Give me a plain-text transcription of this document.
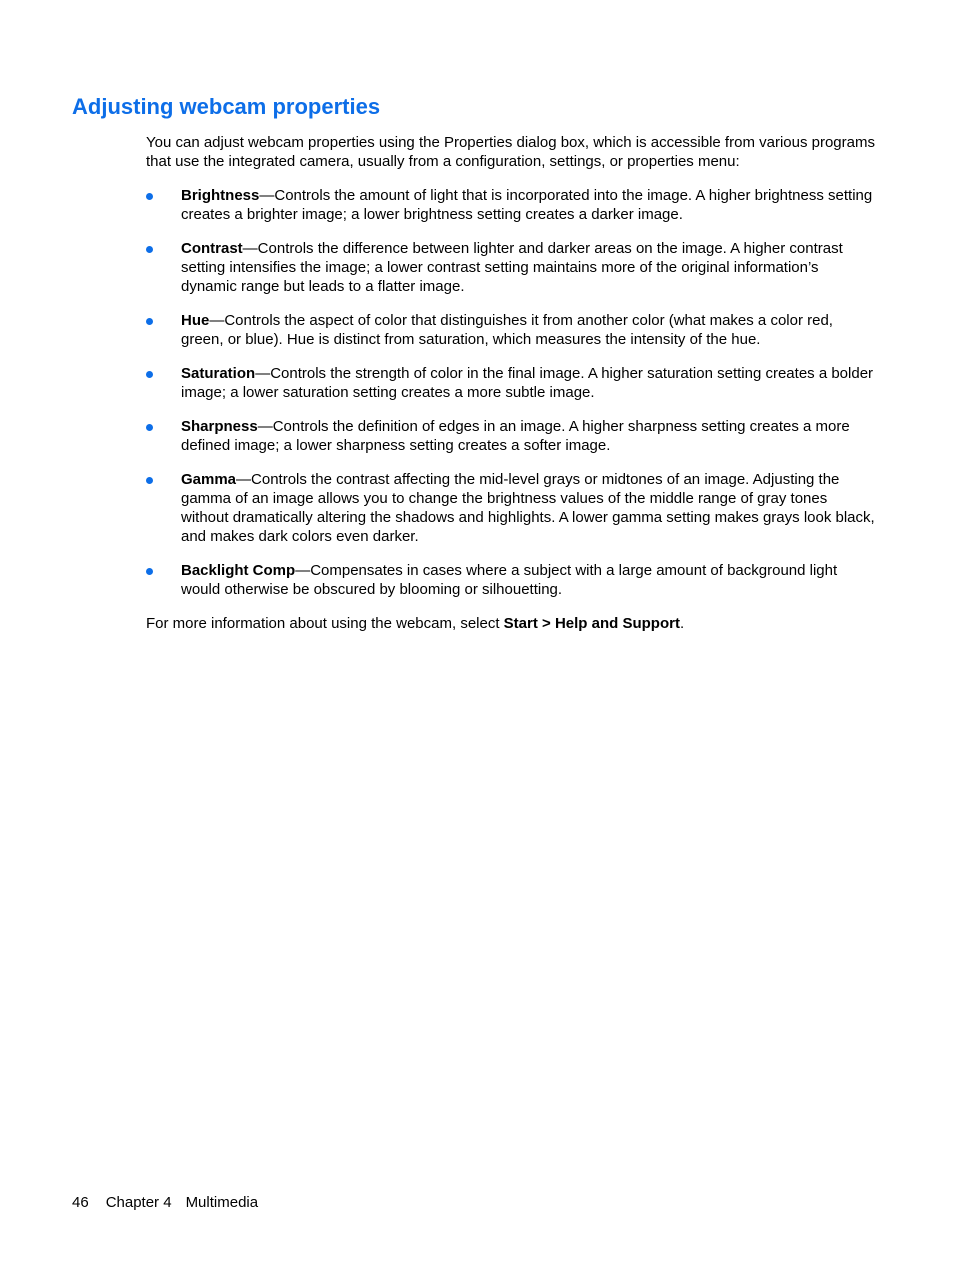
Adjusting webcam properties

You can adjust webcam properties using the Properties dialog box, which is accessible from various programs that use the integrated camera, usually from a configuration, settings, or properties menu:

Brightness—Controls the amount of light that is incorporated into the image. A higher brightness setting creates a brighter image; a lower brightness setting creates a darker image.
Contrast—Controls the difference between lighter and darker areas on the image. A higher contrast setting intensifies the image; a lower contrast setting maintains more of the original information’s dynamic range but leads to a flatter image.
Hue—Controls the aspect of color that distinguishes it from another color (what makes a color red, green, or blue). Hue is distinct from saturation, which measures the intensity of the hue.
Saturation—Controls the strength of color in the final image. A higher saturation setting creates a bolder image; a lower saturation setting creates a more subtle image.
Sharpness—Controls the definition of edges in an image. A higher sharpness setting creates a more defined image; a lower sharpness setting creates a softer image.
Gamma—Controls the contrast affecting the mid-level grays or midtones of an image. Adjusting the gamma of an image allows you to change the brightness values of the middle range of gray tones without dramatically altering the shadows and highlights. A lower gamma setting makes grays look black, and makes dark colors even darker.
Backlight Comp—Compensates in cases where a subject with a large amount of background light would otherwise be obscured by blooming or silhouetting.

For more information about using the webcam, select Start > Help and Support.

46 Chapter 4 Multimedia
